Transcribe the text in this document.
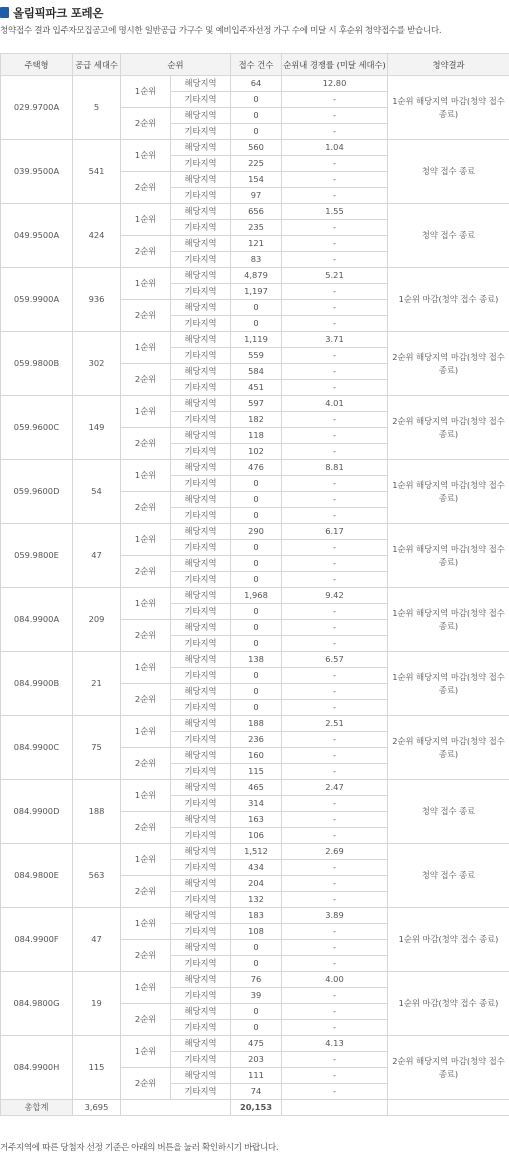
올림픽파크 포레온
청약접수 결과 입주자모집공고에 명시한 일반공급 가구수 및 예비입주자선정 가구 수에 미달 시 후순위 청약접수를 받습니다.
주택형	공급 세대수	순위		접수 건수	순위내 경쟁률 (미달 세대수)	청약결과
029.9700A	5	1순위	해당지역	64	12.80	1순위 해당지역 마감(청약 접수 종료)
			기타지역	0	-	
		2순위	해당지역	0	-	
			기타지역	0	-	
039.9500A	541	1순위	해당지역	560	1.04	청약 접수 종료
			기타지역	225	-	
		2순위	해당지역	154	-	
			기타지역	97	-	
049.9500A	424	1순위	해당지역	656	1.55	청약 접수 종료
			기타지역	235	-	
		2순위	해당지역	121	-	
			기타지역	83	-	
059.9900A	936	1순위	해당지역	4,879	5.21	1순위 마감(청약 접수 종료)
			기타지역	1,197	-	
		2순위	해당지역	0	-	
			기타지역	0	-	
059.9800B	302	1순위	해당지역	1,119	3.71	2순위 해당지역 마감(청약 접수 종료)
			기타지역	559	-	
		2순위	해당지역	584	-	
			기타지역	451	-	
059.9600C	149	1순위	해당지역	597	4.01	2순위 해당지역 마감(청약 접수 종료)
			기타지역	182	-	
		2순위	해당지역	118	-	
			기타지역	102	-	
059.9600D	54	1순위	해당지역	476	8.81	1순위 해당지역 마감(청약 접수 종료)
			기타지역	0	-	
		2순위	해당지역	0	-	
			기타지역	0	-	
059.9800E	47	1순위	해당지역	290	6.17	1순위 해당지역 마감(청약 접수 종료)
			기타지역	0	-	
		2순위	해당지역	0	-	
			기타지역	0	-	
084.9900A	209	1순위	해당지역	1,968	9.42	1순위 해당지역 마감(청약 접수 종료)
			기타지역	0	-	
		2순위	해당지역	0	-	
			기타지역	0	-	
084.9900B	21	1순위	해당지역	138	6.57	1순위 해당지역 마감(청약 접수 종료)
			기타지역	0	-	
		2순위	해당지역	0	-	
			기타지역	0	-	
084.9900C	75	1순위	해당지역	188	2.51	2순위 해당지역 마감(청약 접수 종료)
			기타지역	236	-	
		2순위	해당지역	160	-	
			기타지역	115	-	
084.9900D	188	1순위	해당지역	465	2.47	청약 접수 종료
			기타지역	314	-	
		2순위	해당지역	163	-	
			기타지역	106	-	
084.9800E	563	1순위	해당지역	1,512	2.69	청약 접수 종료
			기타지역	434	-	
		2순위	해당지역	204	-	
			기타지역	132	-	
084.9900F	47	1순위	해당지역	183	3.89	1순위 마감(청약 접수 종료)
			기타지역	108	-	
		2순위	해당지역	0	-	
			기타지역	0	-	
084.9800G	19	1순위	해당지역	76	4.00	1순위 마감(청약 접수 종료)
			기타지역	39	-	
		2순위	해당지역	0	-	
			기타지역	0	-	
084.9900H	115	1순위	해당지역	475	4.13	2순위 해당지역 마감(청약 접수 종료)
			기타지역	203	-	
		2순위	해당지역	111	-	
			기타지역	74	-	
총합계	3,695			20,153		
거주지역에 따른 당첨자 선정 기준은 아래의 버튼을 눌러 확인하시기 바랍니다.
